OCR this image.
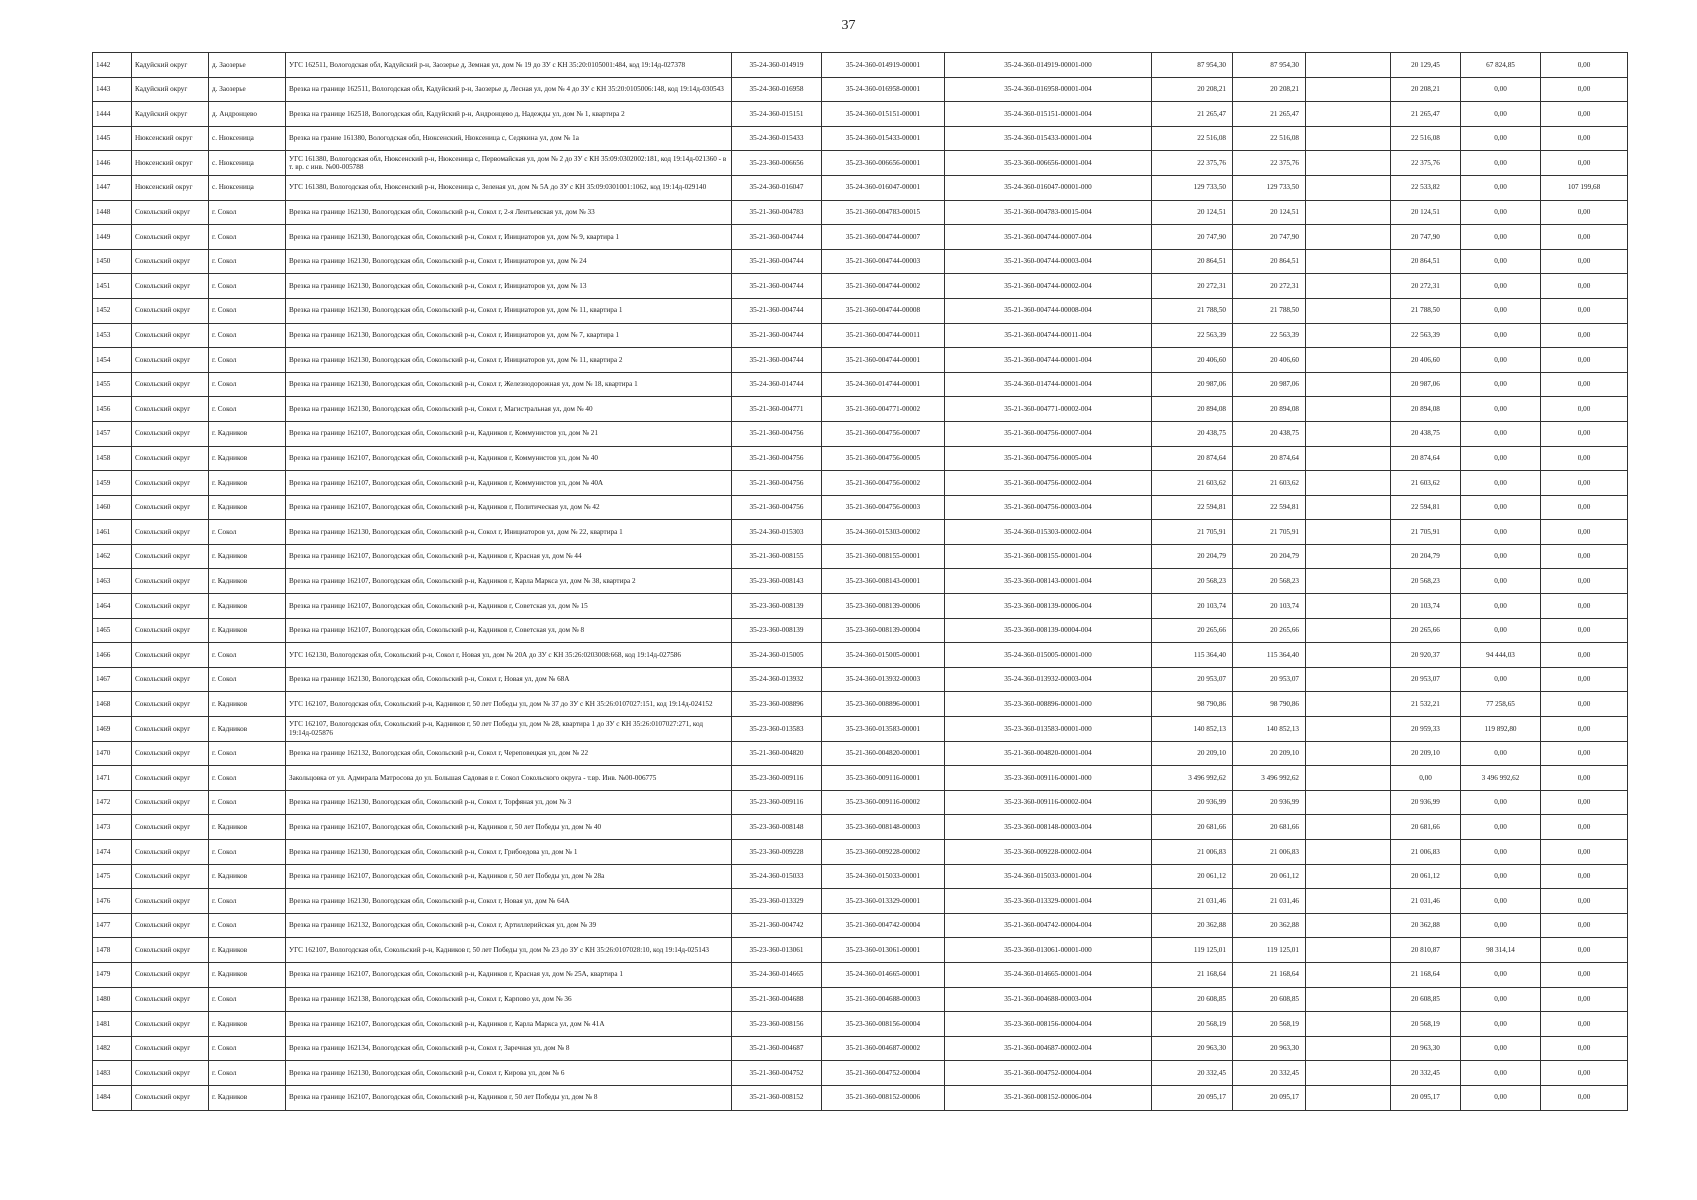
37
1442	Кадуйский округ	д. Заозерье	УГС 162511, Вологодская обл, Кадуйский р-н, Заозерье д, Земная ул, дом № 19 до ЗУ с КН 35:20:0105001:484, код 19:14д-027378	35-24-360-014919	35-24-360-014919-00001	35-24-360-014919-00001-000	87 954,30	87 954,30		20 129,45	67 824,85	0,00
1443	Кадуйский округ	д. Заозерье	Врезка на границе 162511, Вологодская обл, Кадуйский р-н, Заозерье д, Лесная ул, дом № 4 до ЗУ с КН 35:20:0105006:148, код 19:14д-030543	35-24-360-016958	35-24-360-016958-00001	35-24-360-016958-00001-004	20 208,21	20 208,21		20 208,21	0,00	0,00
1444	Кадуйский округ	д. Андронцево	Врезка на границе 162518, Вологодская обл, Кадуйский р-н, Андронцево д, Надежды ул, дом № 1, квартира 2	35-24-360-015151	35-24-360-015151-00001	35-24-360-015151-00001-004	21 265,47	21 265,47		21 265,47	0,00	0,00
1445	Нюксенский округ	с. Нюксеница	Врезка на граниe 161380, Вологодская обл, Нюксенский, Нюксеница с, Седякина ул, дом № 1а	35-24-360-015433	35-24-360-015433-00001	35-24-360-015433-00001-004	22 516,08	22 516,08		22 516,08	0,00	0,00
1446	Нюксенский округ	с. Нюксеница	УГС 161380, Вологодская обл, Нюксенский р-н, Нюксеница с, Первомайская ул, дом № 2 до ЗУ с КН 35:09:0302002:181, код 19:14д-021360 - в т. вр. с инв. №00-005788	35-23-360-006656	35-23-360-006656-00001	35-23-360-006656-00001-004	22 375,76	22 375,76		22 375,76	0,00	0,00
1447	Нюксенский округ	с. Нюксеница	УГС 161380, Вологодская обл, Нюксенский р-н, Нюксеница с, Зеленая ул, дом № 5А до ЗУ с КН 35:09:0301001:1062, код 19:14д-029140	35-24-360-016047	35-24-360-016047-00001	35-24-360-016047-00001-000	129 733,50	129 733,50		22 533,82	0,00	107 199,68
1448	Сокольский округ	г. Сокол	Врезка на границе 162130, Вологодская обл, Сокольский р-н, Сокол г, 2-я Лентьевская ул, дом № 33	35-21-360-004783	35-21-360-004783-00015	35-21-360-004783-00015-004	20 124,51	20 124,51		20 124,51	0,00	0,00
1449	Сокольский округ	г. Сокол	Врезка на границе 162130, Вологодская обл, Сокольский р-н, Сокол г, Инициаторов ул, дом № 9, квартира 1	35-21-360-004744	35-21-360-004744-00007	35-21-360-004744-00007-004	20 747,90	20 747,90		20 747,90	0,00	0,00
1450	Сокольский округ	г. Сокол	Врезка на границе 162130, Вологодская обл, Сокольский р-н, Сокол г, Инициаторов ул, дом № 24	35-21-360-004744	35-21-360-004744-00003	35-21-360-004744-00003-004	20 864,51	20 864,51		20 864,51	0,00	0,00
1451	Сокольский округ	г. Сокол	Врезка на границе 162130, Вологодская обл, Сокольский р-н, Сокол г, Инициаторов ул, дом № 13	35-21-360-004744	35-21-360-004744-00002	35-21-360-004744-00002-004	20 272,31	20 272,31		20 272,31	0,00	0,00
1452	Сокольский округ	г. Сокол	Врезка на границе 162130, Вологодская обл, Сокольский р-н, Сокол г, Инициаторов ул, дом № 11, квартира 1	35-21-360-004744	35-21-360-004744-00008	35-21-360-004744-00008-004	21 788,50	21 788,50		21 788,50	0,00	0,00
1453	Сокольский округ	г. Сокол	Врезка на границе 162130, Вологодская обл, Сокольский р-н, Сокол г, Инициаторов ул, дом № 7, квартира 1	35-21-360-004744	35-21-360-004744-00011	35-21-360-004744-00011-004	22 563,39	22 563,39		22 563,39	0,00	0,00
1454	Сокольский округ	г. Сокол	Врезка на границе 162130, Вологодская обл, Сокольский р-н, Сокол г, Инициаторов ул, дом № 11, квартира 2	35-21-360-004744	35-21-360-004744-00001	35-21-360-004744-00001-004	20 406,60	20 406,60		20 406,60	0,00	0,00
1455	Сокольский округ	г. Сокол	Врезка на границе 162130, Вологодская обл, Сокольский р-н, Сокол г, Железнодорожная ул, дом № 18, квартира 1	35-24-360-014744	35-24-360-014744-00001	35-24-360-014744-00001-004	20 987,06	20 987,06		20 987,06	0,00	0,00
1456	Сокольский округ	г. Сокол	Врезка на границе 162130, Вологодская обл, Сокольский р-н, Сокол г, Магистральная ул, дом № 40	35-21-360-004771	35-21-360-004771-00002	35-21-360-004771-00002-004	20 894,08	20 894,08		20 894,08	0,00	0,00
1457	Сокольский округ	г. Кадников	Врезка на границе 162107, Вологодская обл, Сокольский р-н, Кадников г, Коммунистов ул, дом № 21	35-21-360-004756	35-21-360-004756-00007	35-21-360-004756-00007-004	20 438,75	20 438,75		20 438,75	0,00	0,00
1458	Сокольский округ	г. Кадников	Врезка на границе 162107, Вологодская обл, Сокольский р-н, Кадников г, Коммунистов ул, дом № 40	35-21-360-004756	35-21-360-004756-00005	35-21-360-004756-00005-004	20 874,64	20 874,64		20 874,64	0,00	0,00
1459	Сокольский округ	г. Кадников	Врезка на границе 162107, Вологодская обл, Сокольский р-н, Кадников г, Коммунистов ул, дом № 40А	35-21-360-004756	35-21-360-004756-00002	35-21-360-004756-00002-004	21 603,62	21 603,62		21 603,62	0,00	0,00
1460	Сокольский округ	г. Кадников	Врезка на границе 162107, Вологодская обл, Сокольский р-н, Кадников г, Политическая ул, дом № 42	35-21-360-004756	35-21-360-004756-00003	35-21-360-004756-00003-004	22 594,81	22 594,81		22 594,81	0,00	0,00
1461	Сокольский округ	г. Сокол	Врезка на границе 162130, Вологодская обл, Сокольский р-н, Сокол г, Инициаторов ул, дом № 22, квартира 1	35-24-360-015303	35-24-360-015303-00002	35-24-360-015303-00002-004	21 705,91	21 705,91		21 705,91	0,00	0,00
1462	Сокольский округ	г. Кадников	Врезка на границе 162107, Вологодская обл, Сокольский р-н, Кадников г, Красная ул, дом № 44	35-21-360-008155	35-21-360-008155-00001	35-21-360-008155-00001-004	20 204,79	20 204,79		20 204,79	0,00	0,00
1463	Сокольский округ	г. Кадников	Врезка на границе 162107, Вологодская обл, Сокольский р-н, Кадников г, Карла Маркса ул, дом № 38, квартира 2	35-23-360-008143	35-23-360-008143-00001	35-23-360-008143-00001-004	20 568,23	20 568,23		20 568,23	0,00	0,00
1464	Сокольский округ	г. Кадников	Врезка на границе 162107, Вологодская обл, Сокольский р-н, Кадников г, Советская ул, дом № 15	35-23-360-008139	35-23-360-008139-00006	35-23-360-008139-00006-004	20 103,74	20 103,74		20 103,74	0,00	0,00
1465	Сокольский округ	г. Кадников	Врезка на границе 162107, Вологодская обл, Сокольский р-н, Кадников г, Советская ул, дом № 8	35-23-360-008139	35-23-360-008139-00004	35-23-360-008139-00004-004	20 265,66	20 265,66		20 265,66	0,00	0,00
1466	Сокольский округ	г. Сокол	УГС 162130, Вологодская обл, Сокольский р-н, Сокол г, Новая ул, дом № 20А до ЗУ с КН 35:26:0203008:668, код 19:14д-027586	35-24-360-015005	35-24-360-015005-00001	35-24-360-015005-00001-000	115 364,40	115 364,40		20 920,37	94 444,03	0,00
1467	Сокольский округ	г. Сокол	Врезка на границе 162130, Вологодская обл, Сокольский р-н, Сокол г, Новая ул, дом № 68А	35-24-360-013932	35-24-360-013932-00003	35-24-360-013932-00003-004	20 953,07	20 953,07		20 953,07	0,00	0,00
1468	Сокольский округ	г. Кадников	УГС 162107, Вологодская обл, Сокольский р-н, Кадников г, 50 лет Победы ул, дом № 37 до ЗУ с КН 35:26:0107027:151, код 19:14д-024152	35-23-360-008896	35-23-360-008896-00001	35-23-360-008896-00001-000	98 790,86	98 790,86		21 532,21	77 258,65	0,00
1469	Сокольский округ	г. Кадников	УГС 162107, Вологодская обл, Сокольский р-н, Кадников г, 50 лет Победы ул, дом № 28, квартира 1 до ЗУ с КН 35:26:0107027:271, код 19:14д-025876	35-23-360-013583	35-23-360-013583-00001	35-23-360-013583-00001-000	140 852,13	140 852,13		20 959,33	119 892,80	0,00
1470	Сокольский округ	г. Сокол	Врезка на границе 162132, Вологодская обл, Сокольский р-н, Сокол г, Череповецкая ул, дом № 22	35-21-360-004820	35-21-360-004820-00001	35-21-360-004820-00001-004	20 209,10	20 209,10		20 209,10	0,00	0,00
1471	Сокольский округ	г. Сокол	Закольцовка от ул. Адмирала Матросова до ул. Большая Садовая в г. Сокол Сокольского округа - т.вр. Инв. №00-006775	35-23-360-009116	35-23-360-009116-00001	35-23-360-009116-00001-000	3 496 992,62	3 496 992,62		0,00	3 496 992,62	0,00
1472	Сокольский округ	г. Сокол	Врезка на границе 162130, Вологодская обл, Сокольский р-н, Сокол г, Торфяная ул, дом № 3	35-23-360-009116	35-23-360-009116-00002	35-23-360-009116-00002-004	20 936,99	20 936,99		20 936,99	0,00	0,00
1473	Сокольский округ	г. Кадников	Врезка на границе 162107, Вологодская обл, Сокольский р-н, Кадников г, 50 лет Победы ул, дом № 40	35-23-360-008148	35-23-360-008148-00003	35-23-360-008148-00003-004	20 681,66	20 681,66		20 681,66	0,00	0,00
1474	Сокольский округ	г. Сокол	Врезка на границе 162130, Вологодская обл, Сокольский р-н, Сокол г, Грибоедова ул, дом № 1	35-23-360-009228	35-23-360-009228-00002	35-23-360-009228-00002-004	21 006,83	21 006,83		21 006,83	0,00	0,00
1475	Сокольский округ	г. Кадников	Врезка на границе 162107, Вологодская обл, Сокольский р-н, Кадников г, 50 лет Победы ул, дом № 28а	35-24-360-015033	35-24-360-015033-00001	35-24-360-015033-00001-004	20 061,12	20 061,12		20 061,12	0,00	0,00
1476	Сокольский округ	г. Сокол	Врезка на границе 162130, Вологодская обл, Сокольский р-н, Сокол г, Новая ул, дом № 64А	35-23-360-013329	35-23-360-013329-00001	35-23-360-013329-00001-004	21 031,46	21 031,46		21 031,46	0,00	0,00
1477	Сокольский округ	г. Сокол	Врезка на границе 162132, Вологодская обл, Сокольский р-н, Сокол г, Артиллерийская ул, дом № 39	35-21-360-004742	35-21-360-004742-00004	35-21-360-004742-00004-004	20 362,88	20 362,88		20 362,88	0,00	0,00
1478	Сокольский округ	г. Кадников	УГС 162107, Вологодская обл, Сокольский р-н, Кадников г, 50 лет Победы ул, дом № 23 до ЗУ с КН 35:26:0107028:10, код 19:14д-025143	35-23-360-013061	35-23-360-013061-00001	35-23-360-013061-00001-000	119 125,01	119 125,01		20 810,87	98 314,14	0,00
1479	Сокольский округ	г. Кадников	Врезка на границе 162107, Вологодская обл, Сокольский р-н, Кадников г, Красная ул, дом № 25А, квартира 1	35-24-360-014665	35-24-360-014665-00001	35-24-360-014665-00001-004	21 168,64	21 168,64		21 168,64	0,00	0,00
1480	Сокольский округ	г. Сокол	Врезка на границе 162138, Вологодская обл, Сокольский р-н, Сокол г, Карпово ул, дом № 36	35-21-360-004688	35-21-360-004688-00003	35-21-360-004688-00003-004	20 608,85	20 608,85		20 608,85	0,00	0,00
1481	Сокольский округ	г. Кадников	Врезка на границе 162107, Вологодская обл, Сокольский р-н, Кадников г, Карла Маркса ул, дом № 41А	35-23-360-008156	35-23-360-008156-00004	35-23-360-008156-00004-004	20 568,19	20 568,19		20 568,19	0,00	0,00
1482	Сокольский округ	г. Сокол	Врезка на границе 162134, Вологодская обл, Сокольский р-н, Сокол г, Заречная ул, дом № 8	35-21-360-004687	35-21-360-004687-00002	35-21-360-004687-00002-004	20 963,30	20 963,30		20 963,30	0,00	0,00
1483	Сокольский округ	г. Сокол	Врезка на границе 162130, Вологодская обл, Сокольский р-н, Сокол г, Кирова ул, дом № 6	35-21-360-004752	35-21-360-004752-00004	35-21-360-004752-00004-004	20 332,45	20 332,45		20 332,45	0,00	0,00
1484	Сокольский округ	г. Кадников	Врезка на границе 162107, Вологодская обл, Сокольский р-н, Кадников г, 50 лет Победы ул, дом № 8	35-21-360-008152	35-21-360-008152-00006	35-21-360-008152-00006-004	20 095,17	20 095,17		20 095,17	0,00	0,00
